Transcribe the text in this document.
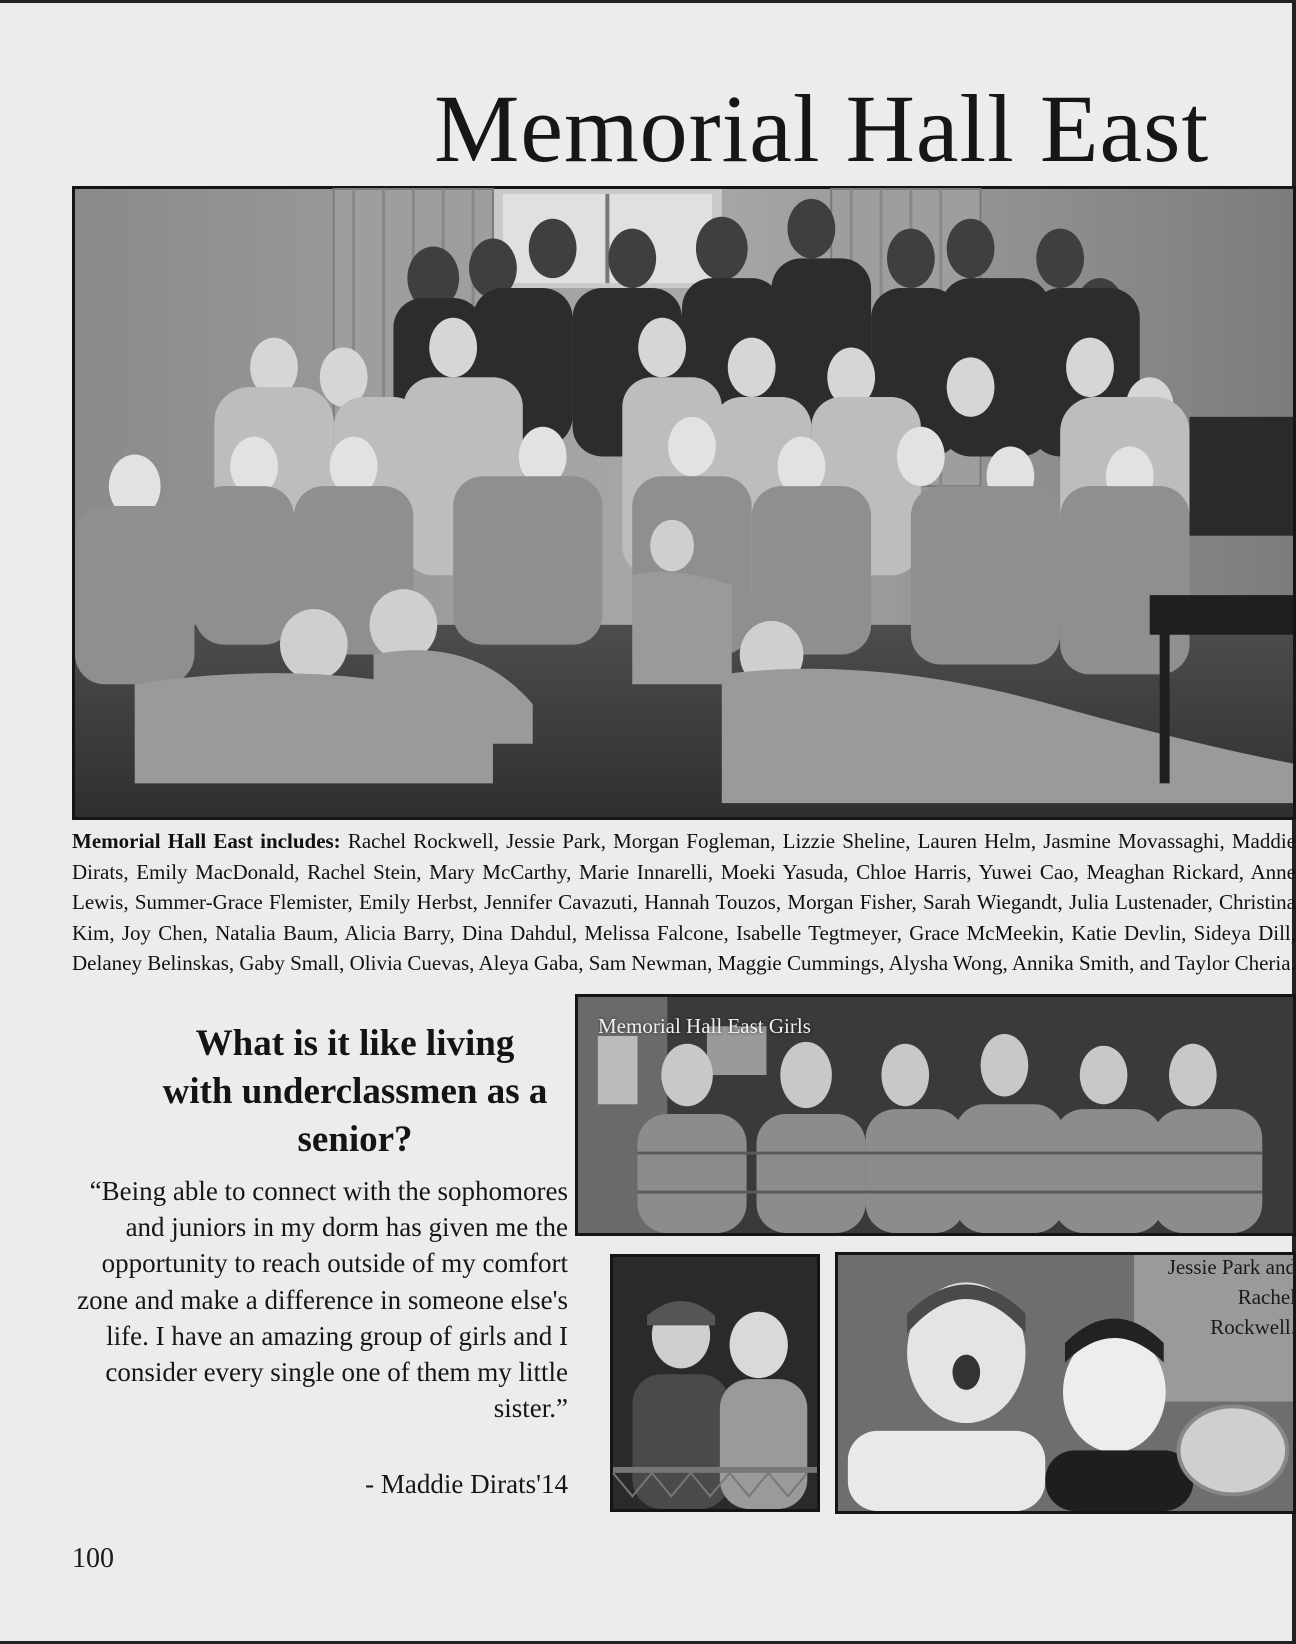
Memorial Hall East

Memorial Hall East includes: Rachel Rockwell, Jessie Park, Morgan Fogleman, Lizzie Sheline, Lauren Helm, Jasmine Movassaghi, Maddie Dirats, Emily MacDonald, Rachel Stein, Mary McCarthy, Marie Innarelli, Moeki Yasuda, Chloe Harris, Yuwei Cao, Meaghan Rickard, Anne Lewis, Summer-Grace Flemister, Emily Herbst, Jennifer Cavazuti, Hannah Touzos, Morgan Fisher, Sarah Wiegandt, Julia Lustenader, Christina Kim, Joy Chen, Natalia Baum, Alicia Barry, Dina Dahdul, Melissa Falcone, Isabelle Tegtmeyer, Grace McMeekin, Katie Devlin, Sideya Dill, Delaney Belinskas, Gaby Small, Olivia Cuevas, Aleya Gaba, Sam Newman, Maggie Cummings, Alysha Wong, Annika Smith, and Taylor Cheria.

What is it like living with underclassmen as a senior?

“Being able to connect with the sophomores and juniors in my dorm has given me the opportunity to reach outside of my comfort zone and make a difference in someone else's life. I have an amazing group of girls and I consider every single one of them my little sister.”

- Maddie Dirats'14

Memorial Hall East Girls

Jessie Park and
Rachel
Rockwell.

100
